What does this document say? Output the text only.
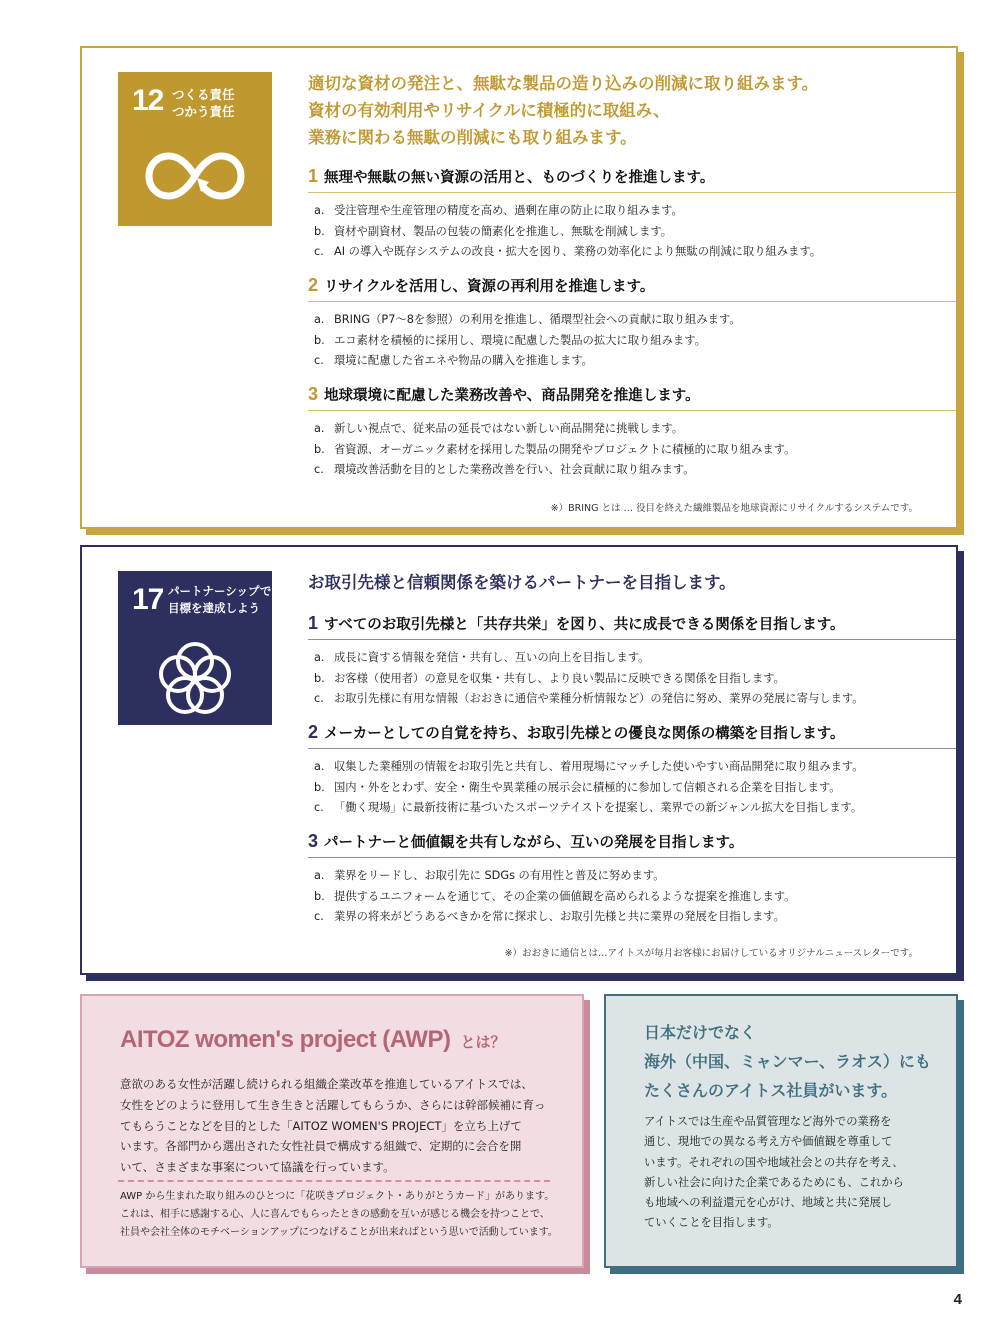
12 つくる責任
つかう責任
適切な資材の発注と、無駄な製品の造り込みの削減に取り組みます。
資材の有効利用やリサイクルに積極的に取組み、
業務に関わる無駄の削減にも取り組みます。
1 無理や無駄の無い資源の活用と、ものづくりを推進します。
a. 受注管理や生産管理の精度を高め、過剰在庫の防止に取り組みます。
b. 資材や副資材、製品の包装の簡素化を推進し、無駄を削減します。
c. AI の導入や既存システムの改良・拡大を図り、業務の効率化により無駄の削減に取り組みます。
2 リサイクルを活用し、資源の再利用を推進します。
a. BRING（P7～8を参照）の利用を推進し、循環型社会への貢献に取り組みます。
b. エコ素材を積極的に採用し、環境に配慮した製品の拡大に取り組みます。
c. 環境に配慮した省エネや物品の購入を推進します。
3 地球環境に配慮した業務改善や、商品開発を推進します。
a. 新しい視点で、従来品の延長ではない新しい商品開発に挑戦します。
b. 省資源、オーガニック素材を採用した製品の開発やプロジェクトに積極的に取り組みます。
c. 環境改善活動を目的とした業務改善を行い、社会貢献に取り組みます。
※）BRING とは … 役目を終えた繊維製品を地球資源にリサイクルするシステムです。
17 パートナーシップで
目標を達成しよう
お取引先様と信頼関係を築けるパートナーを目指します。
1 すべてのお取引先様と「共存共栄」を図り、共に成長できる関係を目指します。
a. 成長に資する情報を発信・共有し、互いの向上を目指します。
b. お客様（使用者）の意見を収集・共有し、より良い製品に反映できる関係を目指します。
c. お取引先様に有用な情報（おおきに通信や業種分析情報など）の発信に努め、業界の発展に寄与します。
2 メーカーとしての自覚を持ち、お取引先様との優良な関係の構築を目指します。
a. 収集した業種別の情報をお取引先と共有し、着用現場にマッチした使いやすい商品開発に取り組みます。
b. 国内・外をとわず、安全・衛生や異業種の展示会に積極的に参加して信頼される企業を目指します。
c. 「働く現場」に最新技術に基づいたスポーツテイストを提案し、業界での新ジャンル拡大を目指します。
3 パートナーと価値観を共有しながら、互いの発展を目指します。
a. 業界をリードし、お取引先に SDGs の有用性と普及に努めます。
b. 提供するユニフォームを通じて、その企業の価値観を高められるような提案を推進します。
c. 業界の将来がどうあるべきかを常に探求し、お取引先様と共に業界の発展を目指します。
※）おおきに通信とは…アイトスが毎月お客様にお届けしているオリジナルニュースレターです。
AITOZ women's project (AWP) とは？
意欲のある女性が活躍し続けられる組織企業改革を推進しているアイトスでは、
女性をどのように登用して生き生きと活躍してもらうか、さらには幹部候補に育っ
てもらうことなどを目的とした「AITOZ WOMEN'S PROJECT」を立ち上げて
います。各部門から選出された女性社員で構成する組織で、定期的に会合を開
いて、さまざまな事案について協議を行っています。
AWP から生まれた取り組みのひとつに「花咲きプロジェクト・ありがとうカード」があります。
これは、相手に感謝する心、人に喜んでもらったときの感動を互いが感じる機会を持つことで、
社員や会社全体のモチベーションアップにつなげることが出来ればという思いで活動しています。
日本だけでなく
海外（中国、ミャンマー、ラオス）にも
たくさんのアイトス社員がいます。
アイトスでは生産や品質管理など海外での業務を
通じ、現地での異なる考え方や価値観を尊重して
います。それぞれの国や地域社会との共存を考え、
新しい社会に向けた企業であるためにも、これから
も地域への利益還元を心がけ、地域と共に発展し
ていくことを目指します。
4
